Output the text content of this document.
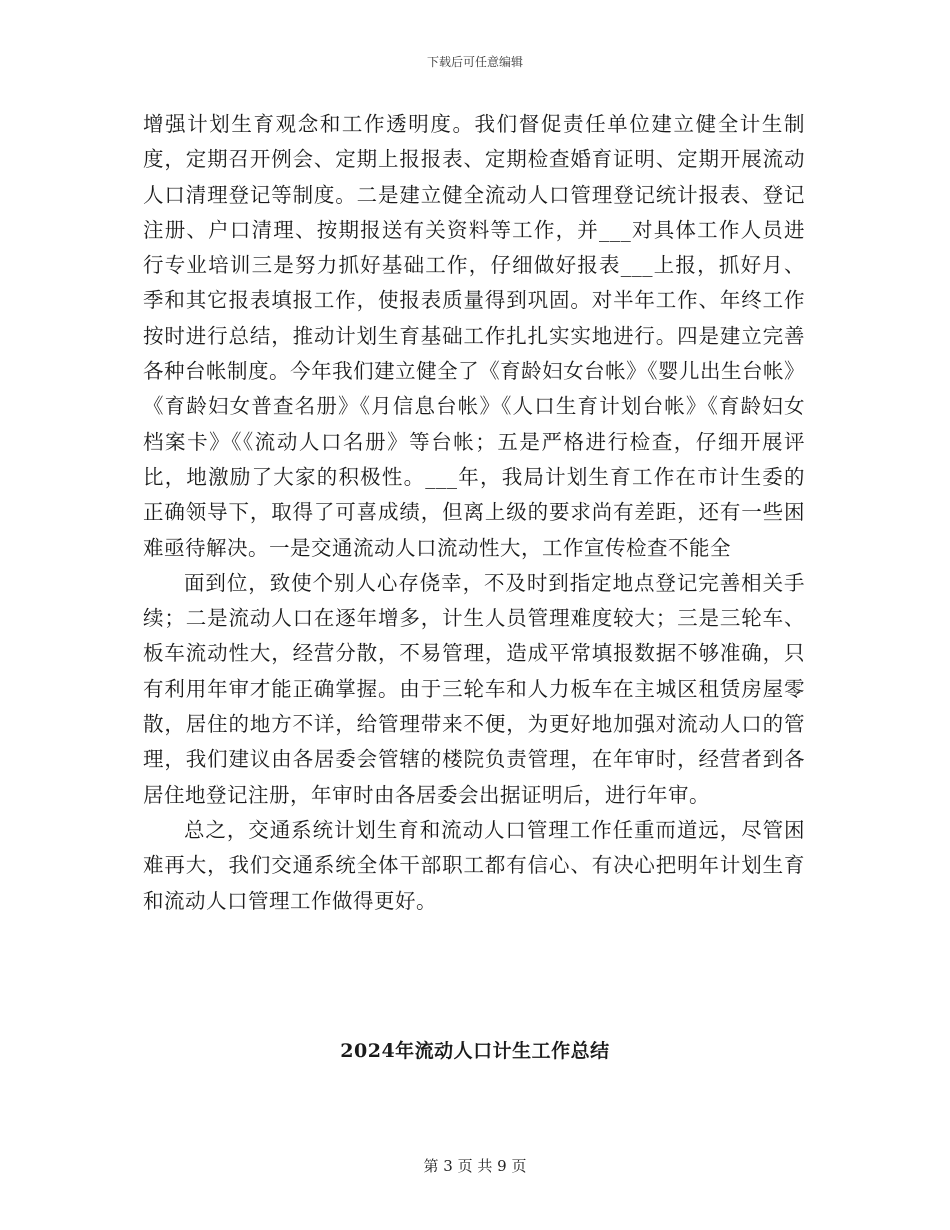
下载后可任意编辑

增强计划生育观念和工作透明度。我们督促责任单位建立健全计生制度，定期召开例会、定期上报报表、定期检查婚育证明、定期开展流动人口清理登记等制度。二是建立健全流动人口管理登记统计报表、登记注册、户口清理、按期报送有关资料等工作，并___对具体工作人员进行专业培训三是努力抓好基础工作，仔细做好报表___上报，抓好月、季和其它报表填报工作，使报表质量得到巩固。对半年工作、年终工作按时进行总结，推动计划生育基础工作扎扎实实地进行。四是建立完善各种台帐制度。今年我们建立健全了《育龄妇女台帐》《婴儿出生台帐》《育龄妇女普查名册》《月信息台帐》《人口生育计划台帐》《育龄妇女档案卡》《《流动人口名册》等台帐；五是严格进行检查，仔细开展评比，地激励了大家的积极性。___年，我局计划生育工作在市计生委的正确领导下，取得了可喜成绩，但离上级的要求尚有差距，还有一些困难亟待解决。一是交通流动人口流动性大，工作宣传检查不能全

面到位，致使个别人心存侥幸，不及时到指定地点登记完善相关手续；二是流动人口在逐年增多，计生人员管理难度较大；三是三轮车、板车流动性大，经营分散，不易管理，造成平常填报数据不够准确，只有利用年审才能正确掌握。由于三轮车和人力板车在主城区租赁房屋零散，居住的地方不详，给管理带来不便，为更好地加强对流动人口的管理，我们建议由各居委会管辖的楼院负责管理，在年审时，经营者到各居住地登记注册，年审时由各居委会出据证明后，进行年审。

总之，交通系统计划生育和流动人口管理工作任重而道远，尽管困难再大，我们交通系统全体干部职工都有信心、有决心把明年计划生育和流动人口管理工作做得更好。

2024年流动人口计生工作总结
第 3 页 共 9 页
